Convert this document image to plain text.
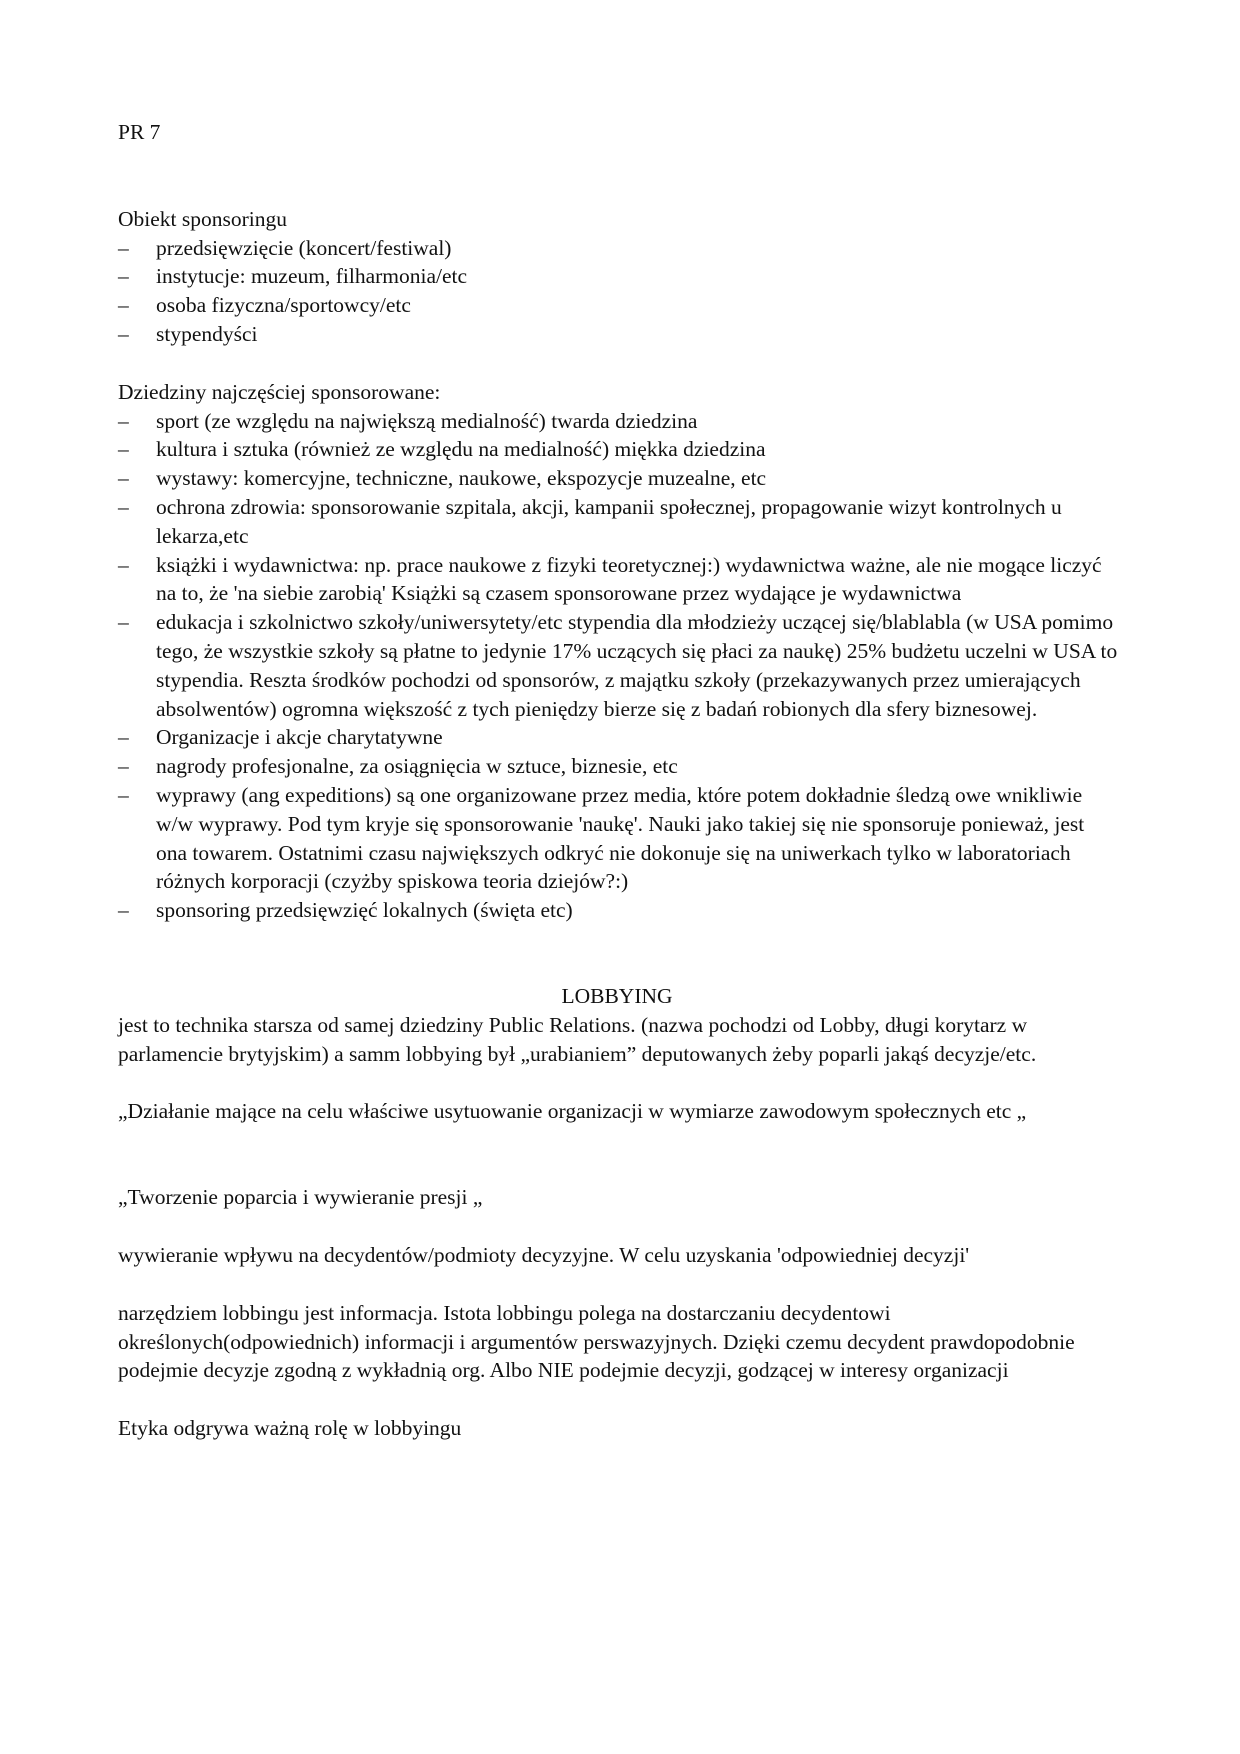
PR 7
Obiekt sponsoringu
–	przedsięwzięcie (koncert/festiwal)
–	instytucje: muzeum, filharmonia/etc
–	osoba fizyczna/sportowcy/etc
–	stypendyści
Dziedziny najczęściej sponsorowane:
–	sport (ze względu na największą medialność) twarda dziedzina
–	kultura i sztuka (również ze względu na medialność) miękka dziedzina
–	wystawy: komercyjne, techniczne, naukowe, ekspozycje muzealne, etc
–	ochrona zdrowia: sponsorowanie szpitala, akcji, kampanii społecznej, propagowanie wizyt kontrolnych u lekarza,etc
–	książki i wydawnictwa: np. prace naukowe z fizyki teoretycznej:) wydawnictwa ważne, ale nie mogące liczyć na to, że 'na siebie zarobią' Książki są czasem sponsorowane przez wydające je wydawnictwa
–	edukacja i szkolnictwo szkoły/uniwersytety/etc stypendia dla młodzieży uczącej się/blablabla (w USA pomimo tego, że wszystkie szkoły są płatne to jedynie 17% uczących się płaci za naukę) 25% budżetu uczelni w USA to stypendia. Reszta środków pochodzi od sponsorów, z majątku szkoły (przekazywanych przez umierających absolwentów) ogromna większość z tych pieniędzy bierze się z badań robionych dla sfery biznesowej.
–	Organizacje i akcje charytatywne
–	nagrody profesjonalne, za osiągnięcia w sztuce, biznesie, etc
–	wyprawy (ang expeditions) są one organizowane przez media, które potem dokładnie śledzą owe wnikliwie w/w wyprawy. Pod tym kryje się sponsorowanie 'naukę'. Nauki jako takiej się nie sponsoruje ponieważ, jest ona towarem. Ostatnimi czasu największych odkryć nie dokonuje się na uniwerkach tylko w laboratoriach różnych korporacji (czyżby spiskowa teoria dziejów?:)
–	sponsoring przedsięwzięć lokalnych (święta etc)
LOBBYING

jest to technika starsza od samej dziedziny Public Relations. (nazwa pochodzi od Lobby, długi korytarz w parlamencie brytyjskim) a samm lobbying był „urabianiem” deputowanych żeby poparli jakąś decyzje/etc.

„Działanie mające na celu właściwe usytuowanie organizacji w wymiarze zawodowym społecznych etc „

„Tworzenie poparcia i wywieranie presji „

wywieranie wpływu na decydentów/podmioty decyzyjne. W celu uzyskania 'odpowiedniej decyzji'

narzędziem lobbingu jest informacja. Istota lobbingu polega na dostarczaniu decydentowi określonych(odpowiednich) informacji i argumentów perswazyjnych. Dzięki czemu decydent prawdopodobnie podejmie decyzje zgodną z wykładnią org. Albo NIE podejmie decyzji, godzącej w interesy organizacji

Etyka odgrywa ważną rolę w lobbyingu
